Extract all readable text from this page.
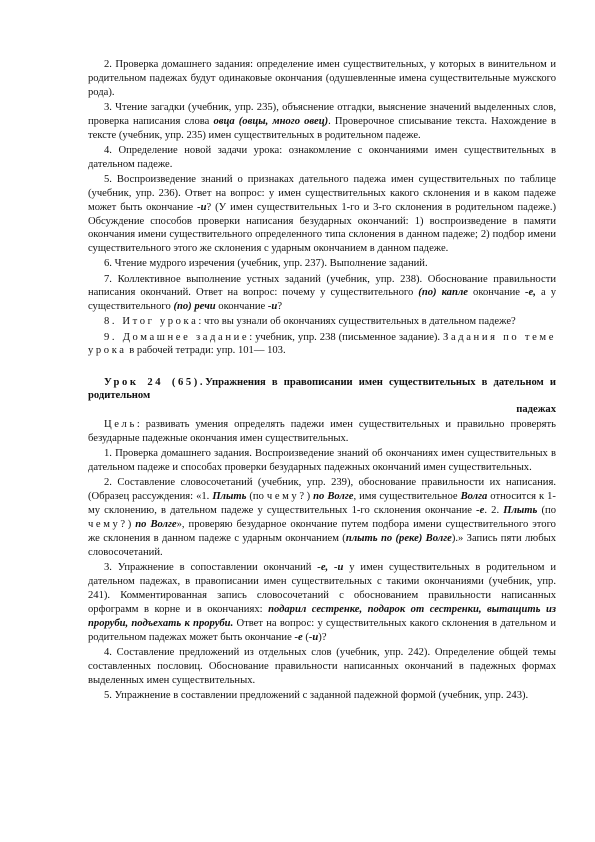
2. Проверка домашнего задания: определение имен существительных, у которых в винительном и родительном падежах будут одинаковые окончания (одушевленные имена существительные мужского рода).
3. Чтение загадки (учебник, упр. 235), объяснение отгадки, выяснение значений выделенных слов, проверка написания слова овца (овцы, много овец). Проверочное списывание текста. Нахождение в тексте (учебник, упр. 235) имен существительных в родительном падеже.
4. Определение новой задачи урока: ознакомление с окончаниями имен существительных в дательном падеже.
5. Воспроизведение знаний о признаках дательного падежа имен существительных по таблице (учебник, упр. 236). Ответ на вопрос: у имен существительных какого склонения и в каком падеже может быть окончание -и? (У имен существительных 1-го и 3-го склонения в родительном падеже.) Обсуждение способов проверки написания безударных окончаний: 1) воспроизведение в памяти окончания имени существительного определенного типа склонения в данном падеже; 2) подбор имени существительного этого же склонения с ударным окончанием в данном падеже.
6. Чтение мудрого изречения (учебник, упр. 237). Выполнение заданий.
7. Коллективное выполнение устных заданий (учебник, упр. 238). Обоснование правильности написания окончаний. Ответ на вопрос: почему у существительного (по) капле окончание -е, а у существительного (по) речи окончание -и?
8. Итог урока: что вы узнали об окончаниях существительных в дательном падеже?
9. Домашнее задание: учебник, упр. 238 (письменное задание). Задания по теме урока в рабочей тетради: упр. 101— 103.
Урок 24 (65).Упражнения в правописании имен существительных в дательном и родительном
падежах
Цель: развивать умения определять падежи имен существительных и правильно проверять безударные падежные окончания имен существительных.
1. Проверка домашнего задания. Воспроизведение знаний об окончаниях имен существительных в дательном падеже и способах проверки безударных падежных окончаний имен существительных.
2. Составление словосочетаний (учебник, упр. 239), обоснование правильности их написания. (Образец рассуждения: «1. Плыть (по чему?) по Волге, имя существительное Волга относится к 1-му склонению, в дательном падеже у существительных 1-го склонения окончание -е. 2. Плыть (по чему?) по Волге», проверяю безударное окончание путем подбора имени существительного этого же склонения в данном падеже с ударным окончанием (плыть по (реке) Волге).» Запись пяти любых словосочетаний.
3. Упражнение в сопоставлении окончаний -е, -и у имен существительных в родительном и дательном падежах, в правописании имен существительных с такими окончаниями (учебник, упр. 241). Комментированная запись словосочетаний с обоснованием правильности написанных орфограмм в корне и в окончаниях: подарил сестренке, подарок от сестренки, вытащить из проруби, подъехать к проруби. Ответ на вопрос: у существительных какого склонения в дательном и родительном падежах может быть окончание -е (-и)?
4. Составление предложений из отдельных слов (учебник, упр. 242). Определение общей темы составленных пословиц. Обоснование правильности написанных окончаний в падежных формах выделенных имен существительных.
5. Упражнение в составлении предложений с заданной падежной формой (учебник, упр. 243).
